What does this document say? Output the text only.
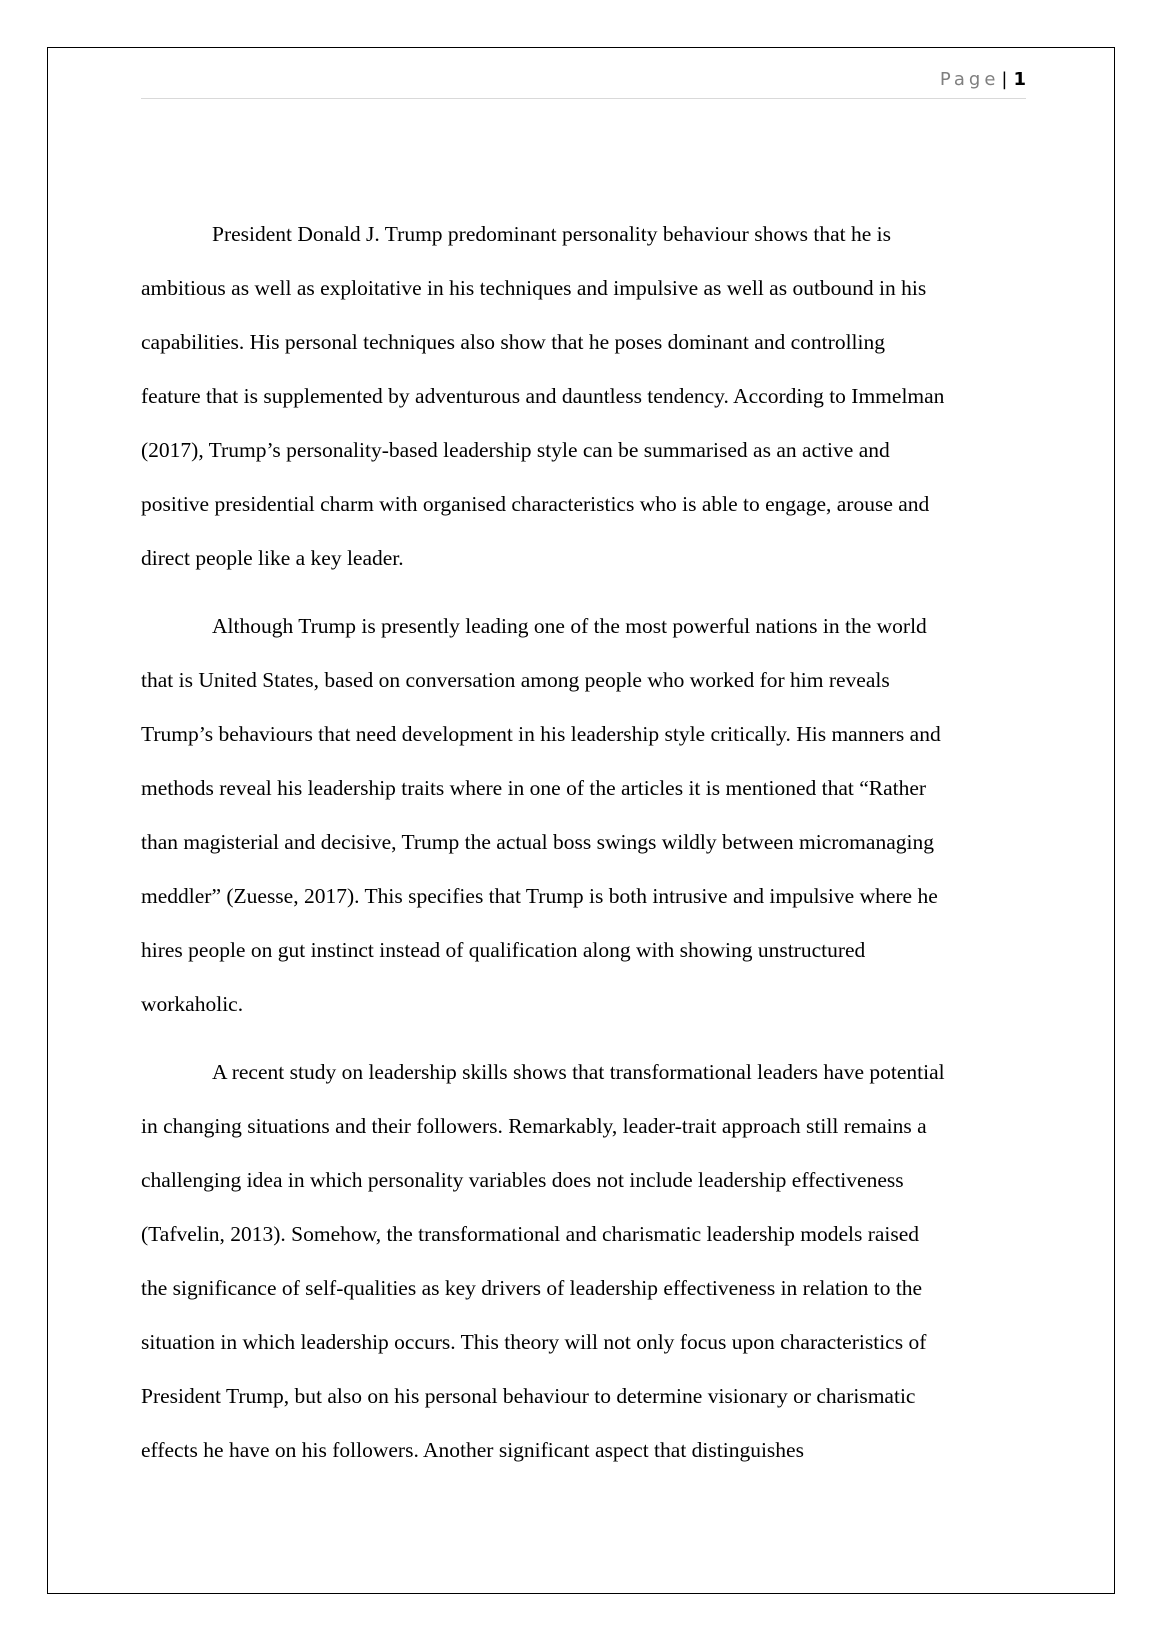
Page | 1

President Donald J. Trump predominant personality behaviour shows that he is
ambitious as well as exploitative in his techniques and impulsive as well as outbound in his
capabilities. His personal techniques also show that he poses dominant and controlling
feature that is supplemented by adventurous and dauntless tendency. According to Immelman
(2017), Trump’s personality-based leadership style can be summarised as an active and
positive presidential charm with organised characteristics who is able to engage, arouse and
direct people like a key leader.

Although Trump is presently leading one of the most powerful nations in the world
that is United States, based on conversation among people who worked for him reveals
Trump’s behaviours that need development in his leadership style critically. His manners and
methods reveal his leadership traits where in one of the articles it is mentioned that “Rather
than magisterial and decisive, Trump the actual boss swings wildly between micromanaging
meddler” (Zuesse, 2017). This specifies that Trump is both intrusive and impulsive where he
hires people on gut instinct instead of qualification along with showing unstructured
workaholic.

A recent study on leadership skills shows that transformational leaders have potential
in changing situations and their followers. Remarkably, leader-trait approach still remains a
challenging idea in which personality variables does not include leadership effectiveness
(Tafvelin, 2013). Somehow, the transformational and charismatic leadership models raised
the significance of self-qualities as key drivers of leadership effectiveness in relation to the
situation in which leadership occurs. This theory will not only focus upon characteristics of
President Trump, but also on his personal behaviour to determine visionary or charismatic
effects he have on his followers. Another significant aspect that distinguishes
